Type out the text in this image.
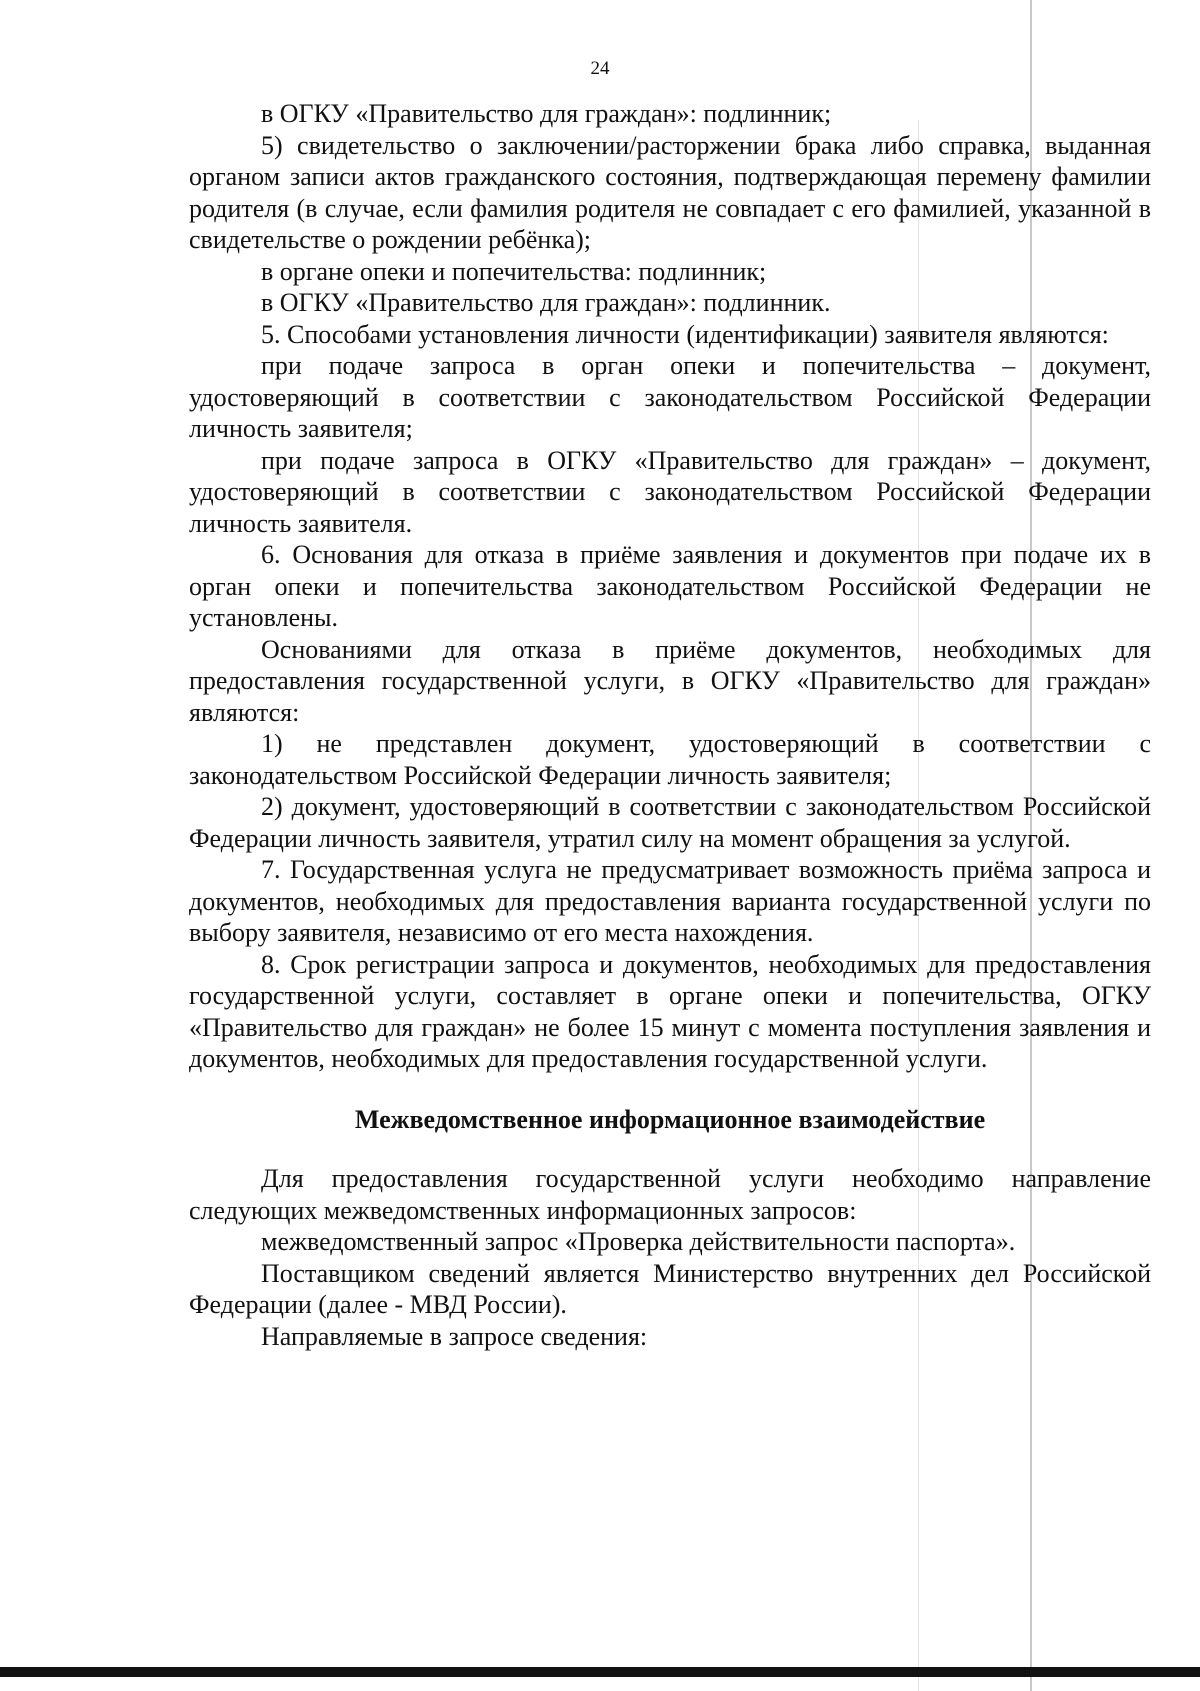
24

в ОГКУ «Правительство для граждан»: подлинник;

5) свидетельство о заключении/расторжении брака либо справка, выданная органом записи актов гражданского состояния, подтверждающая перемену фамилии родителя (в случае, если фамилия родителя не совпадает с его фамилией, указанной в свидетельстве о рождении ребёнка);

в органе опеки и попечительства: подлинник;

в ОГКУ «Правительство для граждан»: подлинник.

5. Способами установления личности (идентификации) заявителя являются:

при подаче запроса в орган опеки и попечительства – документ, удостоверяющий в соответствии с законодательством Российской Федерации личность заявителя;

при подаче запроса в ОГКУ «Правительство для граждан» – документ, удостоверяющий в соответствии с законодательством Российской Федерации личность заявителя.

6. Основания для отказа в приёме заявления и документов при подаче их в орган опеки и попечительства законодательством Российской Федерации не установлены.

Основаниями для отказа в приёме документов, необходимых для предоставления государственной услуги, в ОГКУ «Правительство для граждан» являются:

1) не представлен документ, удостоверяющий в соответствии с законодательством Российской Федерации личность заявителя;

2) документ, удостоверяющий в соответствии с законодательством Российской Федерации личность заявителя, утратил силу на момент обращения за услугой.

7. Государственная услуга не предусматривает возможность приёма запроса и документов, необходимых для предоставления варианта государственной услуги по выбору заявителя, независимо от его места нахождения.

8. Срок регистрации запроса и документов, необходимых для предоставления государственной услуги, составляет в органе опеки и попечительства, ОГКУ «Правительство для граждан» не более 15 минут с момента поступления заявления и документов, необходимых для предоставления государственной услуги.

Межведомственное информационное взаимодействие

Для предоставления государственной услуги необходимо направление следующих межведомственных информационных запросов:

межведомственный запрос «Проверка действительности паспорта».

Поставщиком сведений является Министерство внутренних дел Российской Федерации (далее - МВД России).

Направляемые в запросе сведения:
